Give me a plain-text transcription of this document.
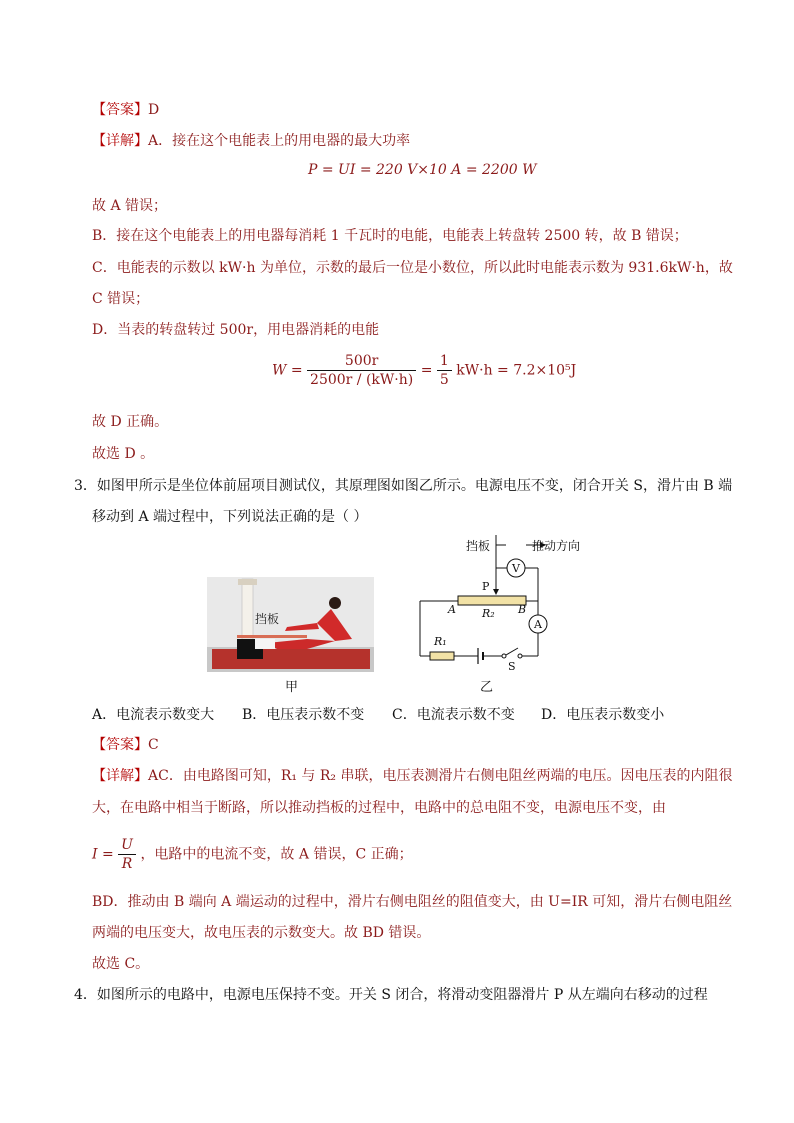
【答案】D
【详解】A．接在这个电能表上的用电器的最大功率
P = UI = 220 V×10 A = 2200 W
故 A 错误；
B．接在这个电能表上的用电器每消耗 1 千瓦时的电能，电能表上转盘转 2500 转，故 B 错误；
C．电能表的示数以 kW·h 为单位，示数的最后一位是小数位，所以此时电能表示数为 931.6kW·h，故
C 错误；
D．当表的转盘转过 500r，用电器消耗的电能
$W = \frac{500r}{2500r / (kW\cdot h)} = \frac{1}{5} kW\cdot h = 7.2\times 10^5J$
故 D 正确。
故选 D 。
3．如图甲所示是坐位体前屈项目测试仪，其原理图如图乙所示。电源电压不变，闭合开关 S，滑片由 B 端
移动到 A 端过程中，下列说法正确的是（ ）
挡板
甲
挡板	推动方向
V
P
A	B
R₂
A
R₁
S
乙
A．电流表示数变大 B．电压表示数不变 C．电流表示数不变 D．电压表示数变小
【答案】C
【详解】AC．由电路图可知，R₁ 与 R₂ 串联，电压表测滑片右侧电阻丝两端的电压。因电压表的内阻很
大，在电路中相当于断路，所以推动挡板的过程中，电路中的总电阻不变，电源电压不变，由
$I = \frac{U}{R}$ ，电路中的电流不变，故 A 错误，C 正确；
BD．推动由 B 端向 A 端运动的过程中，滑片右侧电阻丝的阻值变大，由 U=IR 可知，滑片右侧电阻丝
两端的电压变大，故电压表的示数变大。故 BD 错误。
故选 C。
4．如图所示的电路中，电源电压保持不变。开关 S 闭合，将滑动变阻器滑片 P 从左端向右移动的过程
